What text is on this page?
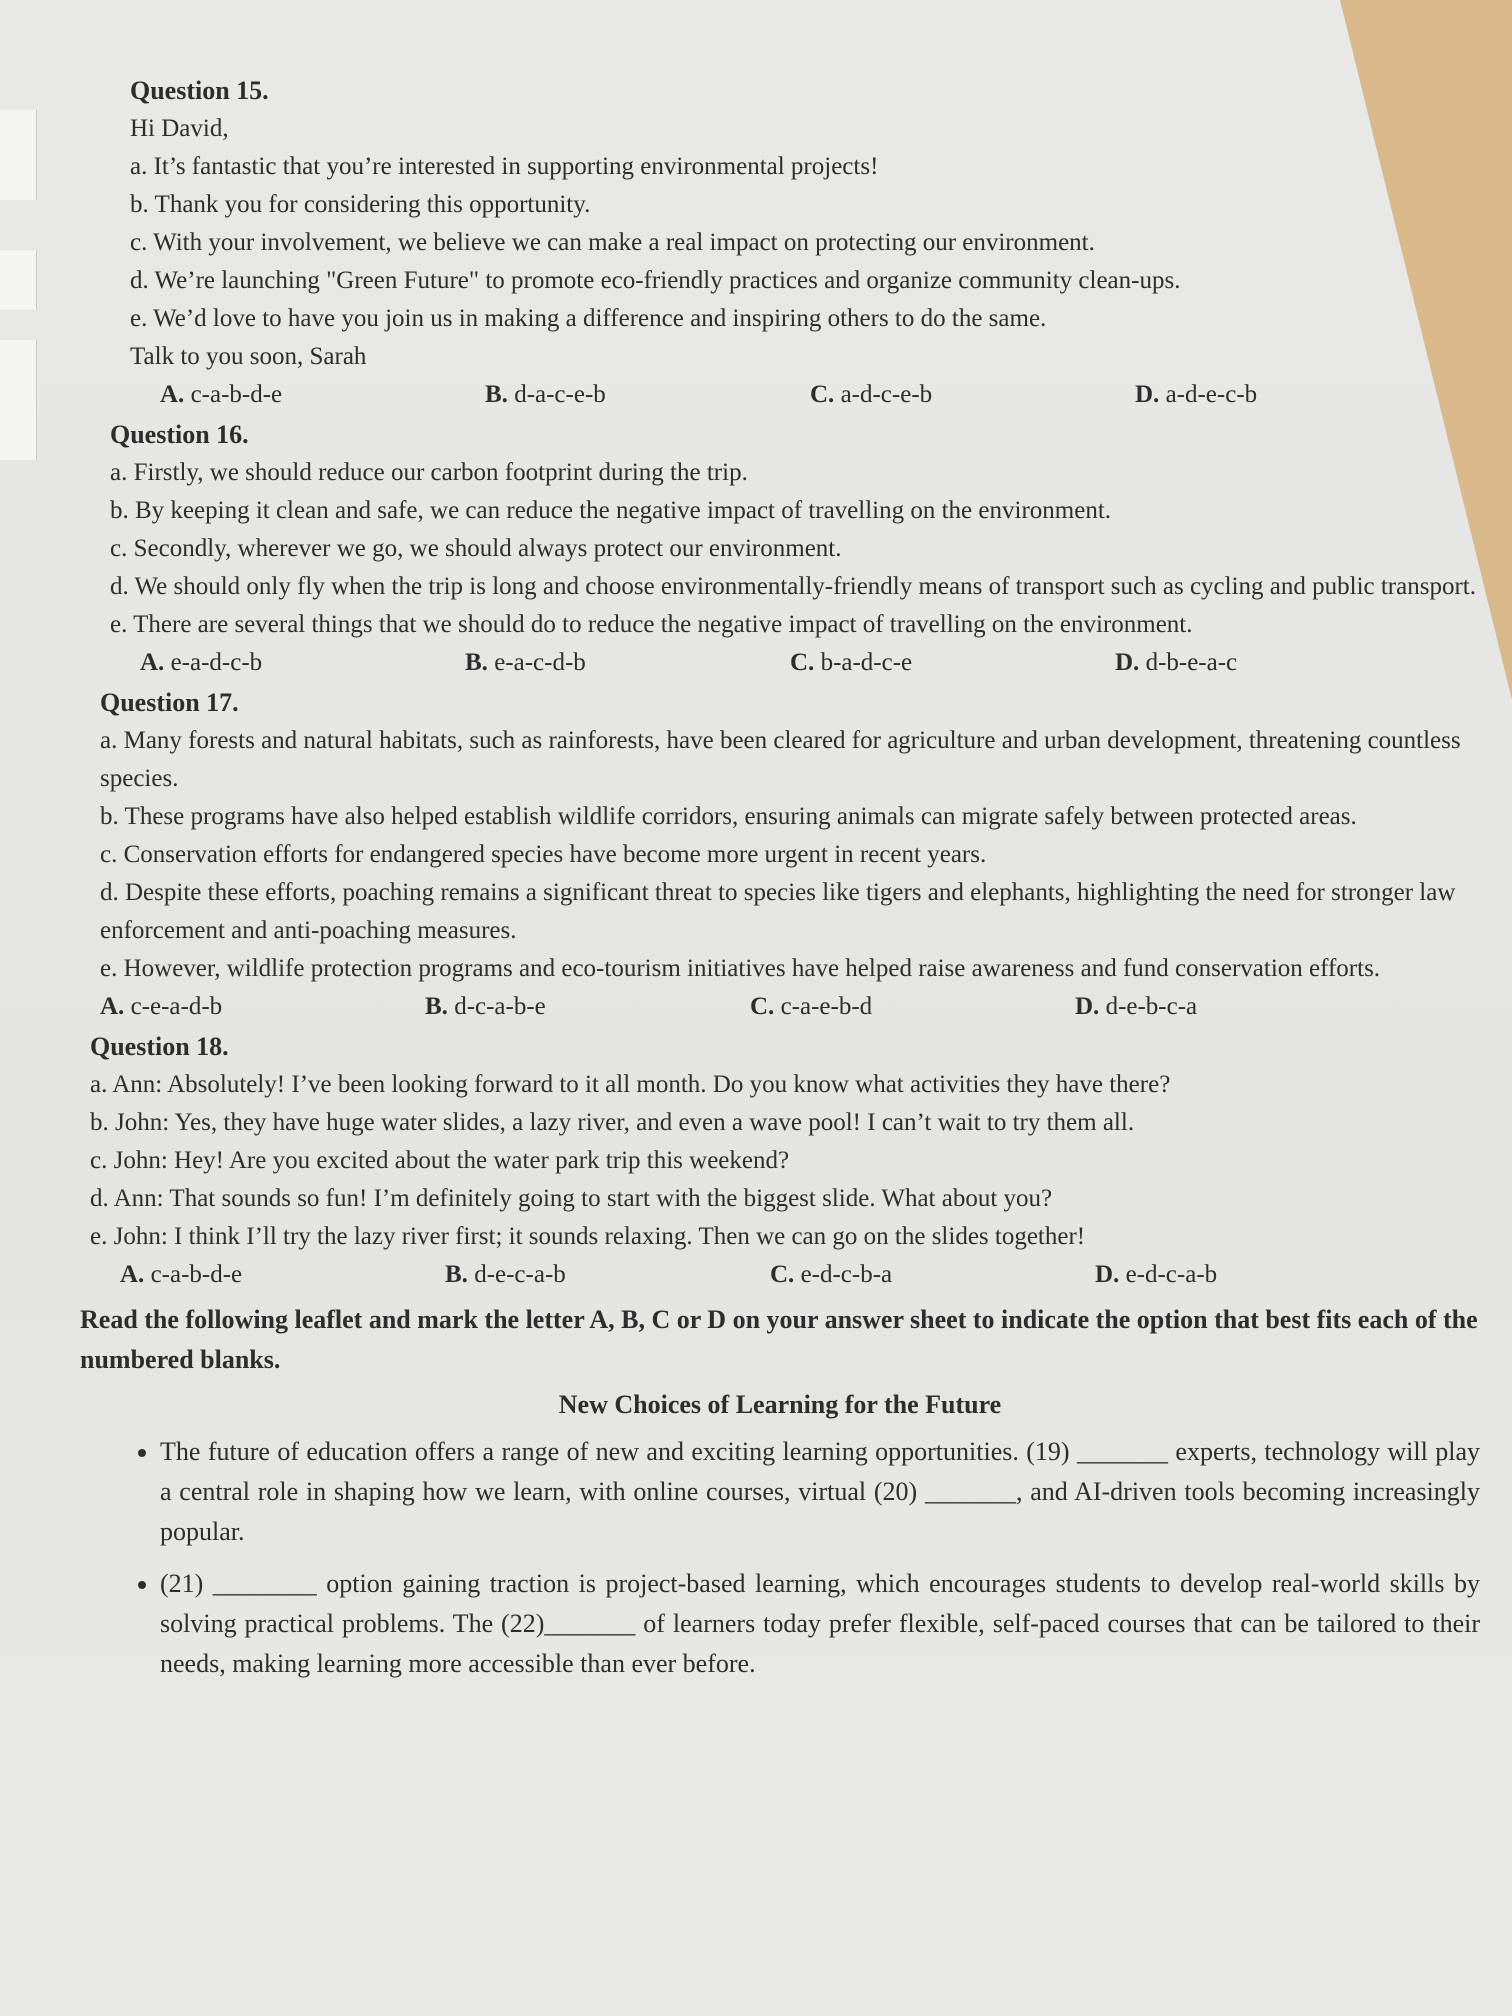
Question 15.
Hi David,
a. It’s fantastic that you’re interested in supporting environmental projects!
b. Thank you for considering this opportunity.
c. With your involvement, we believe we can make a real impact on protecting our environment.
d. We’re launching "Green Future" to promote eco-friendly practices and organize community clean-ups.
e. We’d love to have you join us in making a difference and inspiring others to do the same.
Talk to you soon, Sarah
A. c-a-b-d-e	B. d-a-c-e-b	C. a-d-c-e-b	D. a-d-e-c-b
Question 16.
a. Firstly, we should reduce our carbon footprint during the trip.
b. By keeping it clean and safe, we can reduce the negative impact of travelling on the environment.
c. Secondly, wherever we go, we should always protect our environment.
d. We should only fly when the trip is long and choose environmentally-friendly means of transport such as cycling and public transport.
e. There are several things that we should do to reduce the negative impact of travelling on the environment.
A. e-a-d-c-b	B. e-a-c-d-b	C. b-a-d-c-e	D. d-b-e-a-c
Question 17.
a. Many forests and natural habitats, such as rainforests, have been cleared for agriculture and urban development, threatening countless species.
b. These programs have also helped establish wildlife corridors, ensuring animals can migrate safely between protected areas.
c. Conservation efforts for endangered species have become more urgent in recent years.
d. Despite these efforts, poaching remains a significant threat to species like tigers and elephants, highlighting the need for stronger law enforcement and anti-poaching measures.
e. However, wildlife protection programs and eco-tourism initiatives have helped raise awareness and fund conservation efforts.
A. c-e-a-d-b	B. d-c-a-b-e	C. c-a-e-b-d	D. d-e-b-c-a
Question 18.
a. Ann: Absolutely! I’ve been looking forward to it all month. Do you know what activities they have there?
b. John: Yes, they have huge water slides, a lazy river, and even a wave pool! I can’t wait to try them all.
c. John: Hey! Are you excited about the water park trip this weekend?
d. Ann: That sounds so fun! I’m definitely going to start with the biggest slide. What about you?
e. John: I think I’ll try the lazy river first; it sounds relaxing. Then we can go on the slides together!
A. c-a-b-d-e	B. d-e-c-a-b	C. e-d-c-b-a	D. e-d-c-a-b
Read the following leaflet and mark the letter A, B, C or D on your answer sheet to indicate the option that best fits each of the numbered blanks.
New Choices of Learning for the Future
• The future of education offers a range of new and exciting learning opportunities. (19) _______ experts, technology will play a central role in shaping how we learn, with online courses, virtual (20) _______, and AI-driven tools becoming increasingly popular.
• (21) ________ option gaining traction is project-based learning, which encourages students to develop real-world skills by solving practical problems. The (22)_______ of learners today prefer flexible, self-paced courses that can be tailored to their needs, making learning more accessible than ever before.
